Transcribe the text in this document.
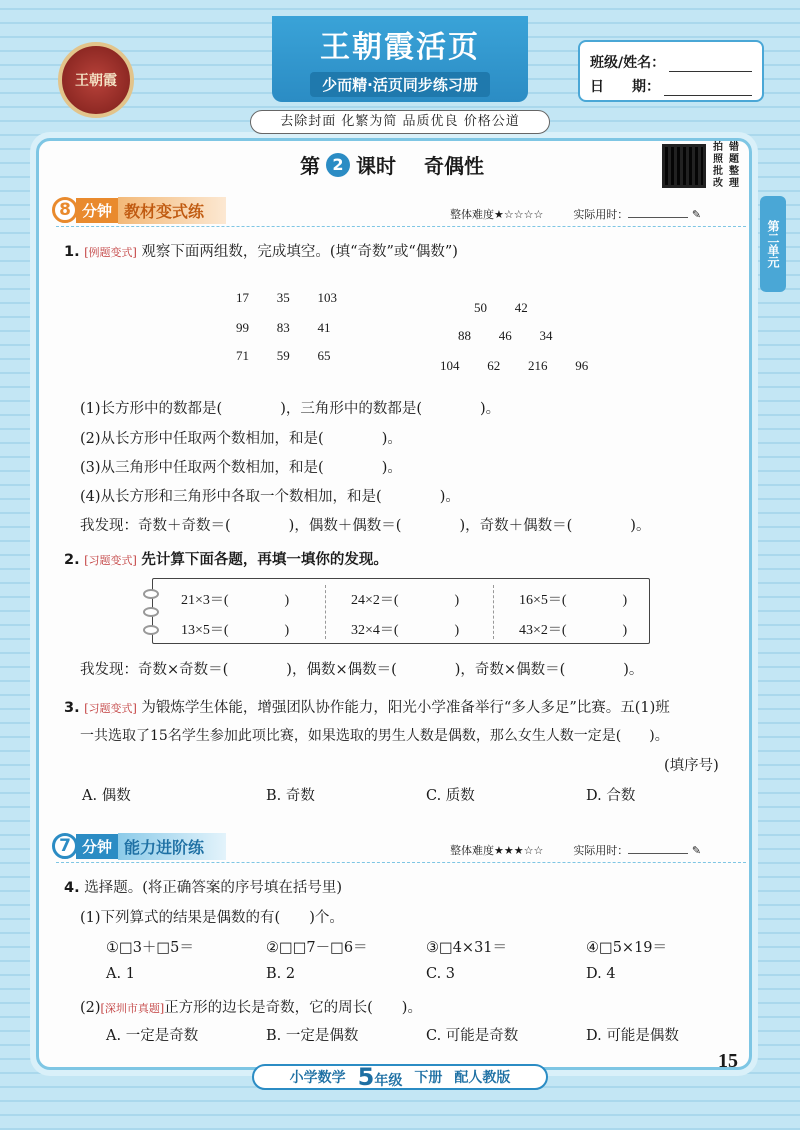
王朝霞
王朝霞活页
少而精·活页同步练习册
班级/姓名：
日　　期：
去除封面 化繁为简 品质优良 价格公道
第 2 课时 奇偶性
拍 错
照 题
批 整
改 理
第二单元
8 分钟 教材变式练	整体难度★☆☆☆☆	实际用时：	✎
1. [例题变式] 观察下面两组数，完成填空。(填“奇数”或“偶数”)
17   35   103
99   83   41
71   59   65
50   42
88   46   34
104   62   216   96
(1)长方形中的数都是(　　　　)，三角形中的数都是(　　　　)。
(2)从长方形中任取两个数相加，和是(　　　　)。
(3)从三角形中任取两个数相加，和是(　　　　)。
(4)从长方形和三角形中各取一个数相加，和是(　　　　)。
我发现：奇数＋奇数＝(　　　　)，偶数＋偶数＝(　　　　)，奇数＋偶数＝(　　　　)。
2. [习题变式] 先计算下面各题，再填一填你的发现。
21×3＝(　　　　)	24×2＝(　　　　)	16×5＝(　　　　)
13×5＝(　　　　)	32×4＝(　　　　)	43×2＝(　　　　)
我发现：奇数×奇数＝(　　　　)，偶数×偶数＝(　　　　)，奇数×偶数＝(　　　　)。
3. [习题变式] 为锻炼学生体能，增强团队协作能力，阳光小学准备举行“多人多足”比赛。五(1)班
一共选取了15名学生参加此项比赛，如果选取的男生人数是偶数，那么女生人数一定是(　　)。
(填序号)
A. 偶数	B. 奇数	C. 质数	D. 合数
7 分钟 能力进阶练	整体难度★★★☆☆	实际用时：	✎
4. 选择题。(将正确答案的序号填在括号里)
(1)下列算式的结果是偶数的有(　　)个。
①□3＋□5＝	②□□7－□6＝	③□4×31＝	④□5×19＝
A. 1	B. 2	C. 3	D. 4
(2)[深圳市真题]正方形的边长是奇数，它的周长(　　)。
A. 一定是奇数	B. 一定是偶数	C. 可能是奇数	D. 可能是偶数
小学数学 5年级 下册 配人教版
15
